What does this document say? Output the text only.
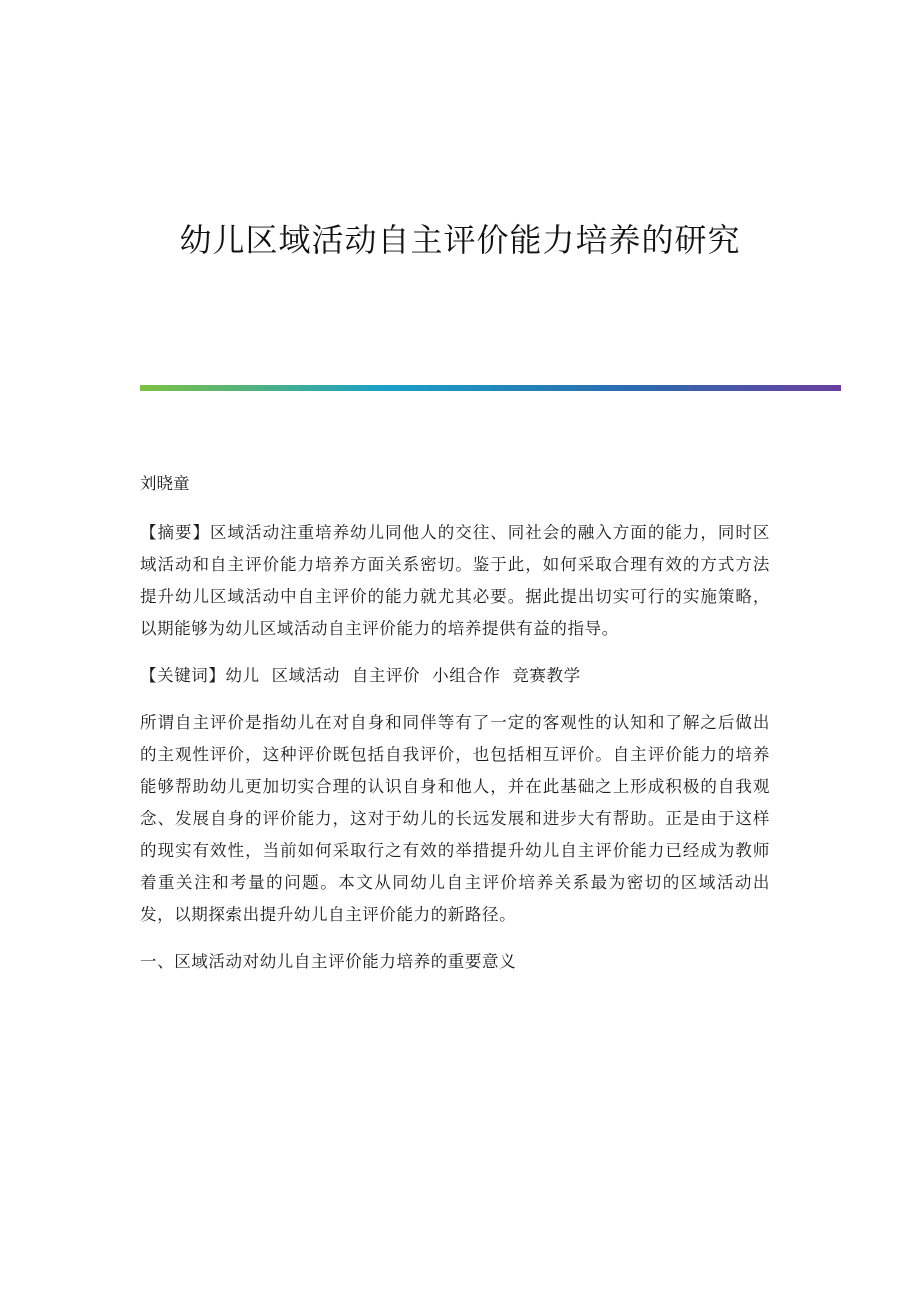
幼儿区域活动自主评价能力培养的研究

刘晓童

【摘要】区域活动注重培养幼儿同他人的交往、同社会的融入方面的能力，同时区域活动和自主评价能力培养方面关系密切。鉴于此，如何采取合理有效的方式方法提升幼儿区域活动中自主评价的能力就尤其必要。据此提出切实可行的实施策略，以期能够为幼儿区域活动自主评价能力的培养提供有益的指导。

【关键词】幼儿 区域活动 自主评价 小组合作 竞赛教学

所谓自主评价是指幼儿在对自身和同伴等有了一定的客观性的认知和了解之后做出的主观性评价，这种评价既包括自我评价，也包括相互评价。自主评价能力的培养能够帮助幼儿更加切实合理的认识自身和他人，并在此基础之上形成积极的自我观念、发展自身的评价能力，这对于幼儿的长远发展和进步大有帮助。正是由于这样的现实有效性，当前如何采取行之有效的举措提升幼儿自主评价能力已经成为教师着重关注和考量的问题。本文从同幼儿自主评价培养关系最为密切的区域活动出发，以期探索出提升幼儿自主评价能力的新路径。

一、区域活动对幼儿自主评价能力培养的重要意义
